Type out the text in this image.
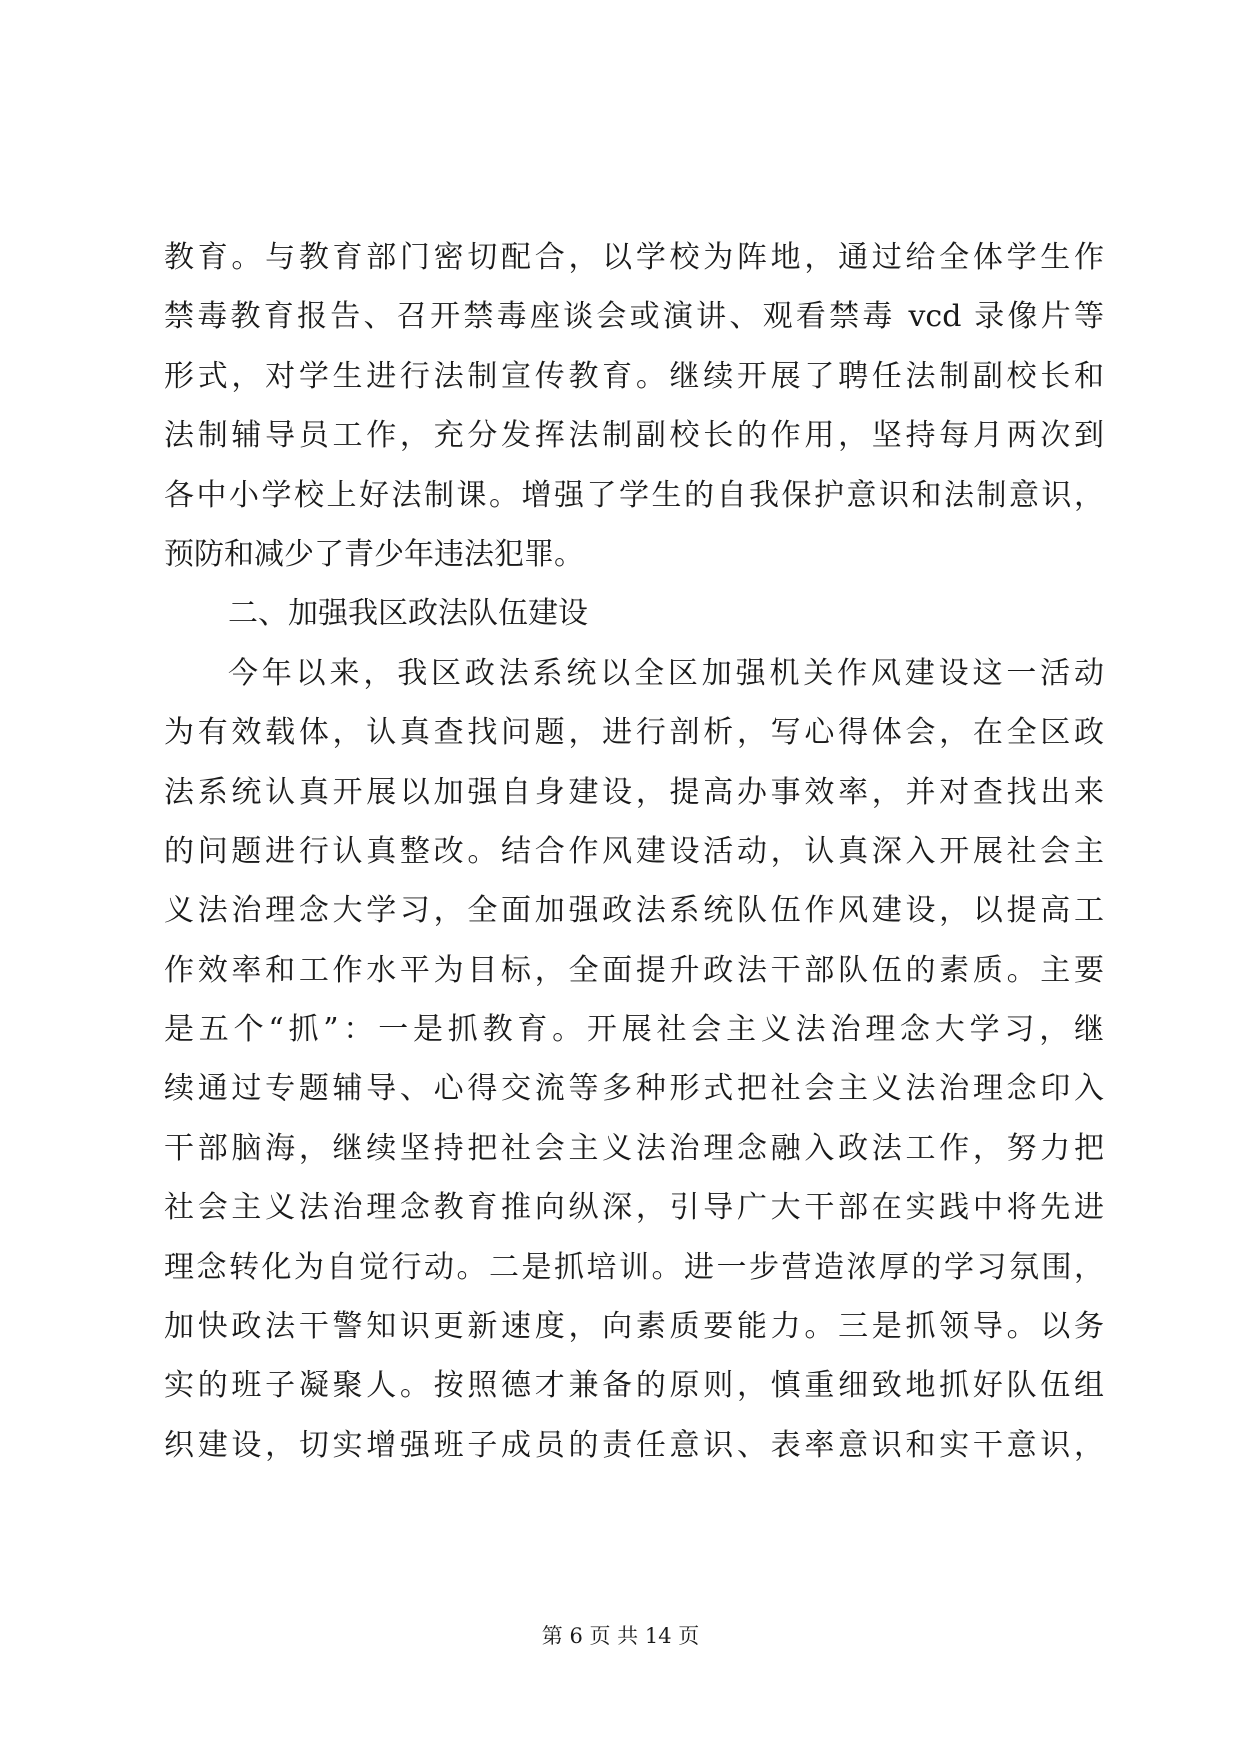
教育。与教育部门密切配合，以学校为阵地，通过给全体学生作
禁毒教育报告、召开禁毒座谈会或演讲、观看禁毒 vcd 录像片等
形式，对学生进行法制宣传教育。继续开展了聘任法制副校长和
法制辅导员工作，充分发挥法制副校长的作用，坚持每月两次到
各中小学校上好法制课。增强了学生的自我保护意识和法制意识，
预防和减少了青少年违法犯罪。
二、加强我区政法队伍建设
今年以来，我区政法系统以全区加强机关作风建设这一活动
为有效载体，认真查找问题，进行剖析，写心得体会，在全区政
法系统认真开展以加强自身建设，提高办事效率，并对查找出来
的问题进行认真整改。结合作风建设活动，认真深入开展社会主
义法治理念大学习，全面加强政法系统队伍作风建设，以提高工
作效率和工作水平为目标，全面提升政法干部队伍的素质。主要
是五个“抓”：一是抓教育。开展社会主义法治理念大学习，继
续通过专题辅导、心得交流等多种形式把社会主义法治理念印入
干部脑海，继续坚持把社会主义法治理念融入政法工作，努力把
社会主义法治理念教育推向纵深，引导广大干部在实践中将先进
理念转化为自觉行动。二是抓培训。进一步营造浓厚的学习氛围，
加快政法干警知识更新速度，向素质要能力。三是抓领导。以务
实的班子凝聚人。按照德才兼备的原则，慎重细致地抓好队伍组
织建设，切实增强班子成员的责任意识、表率意识和实干意识，
第 6 页 共 14 页
